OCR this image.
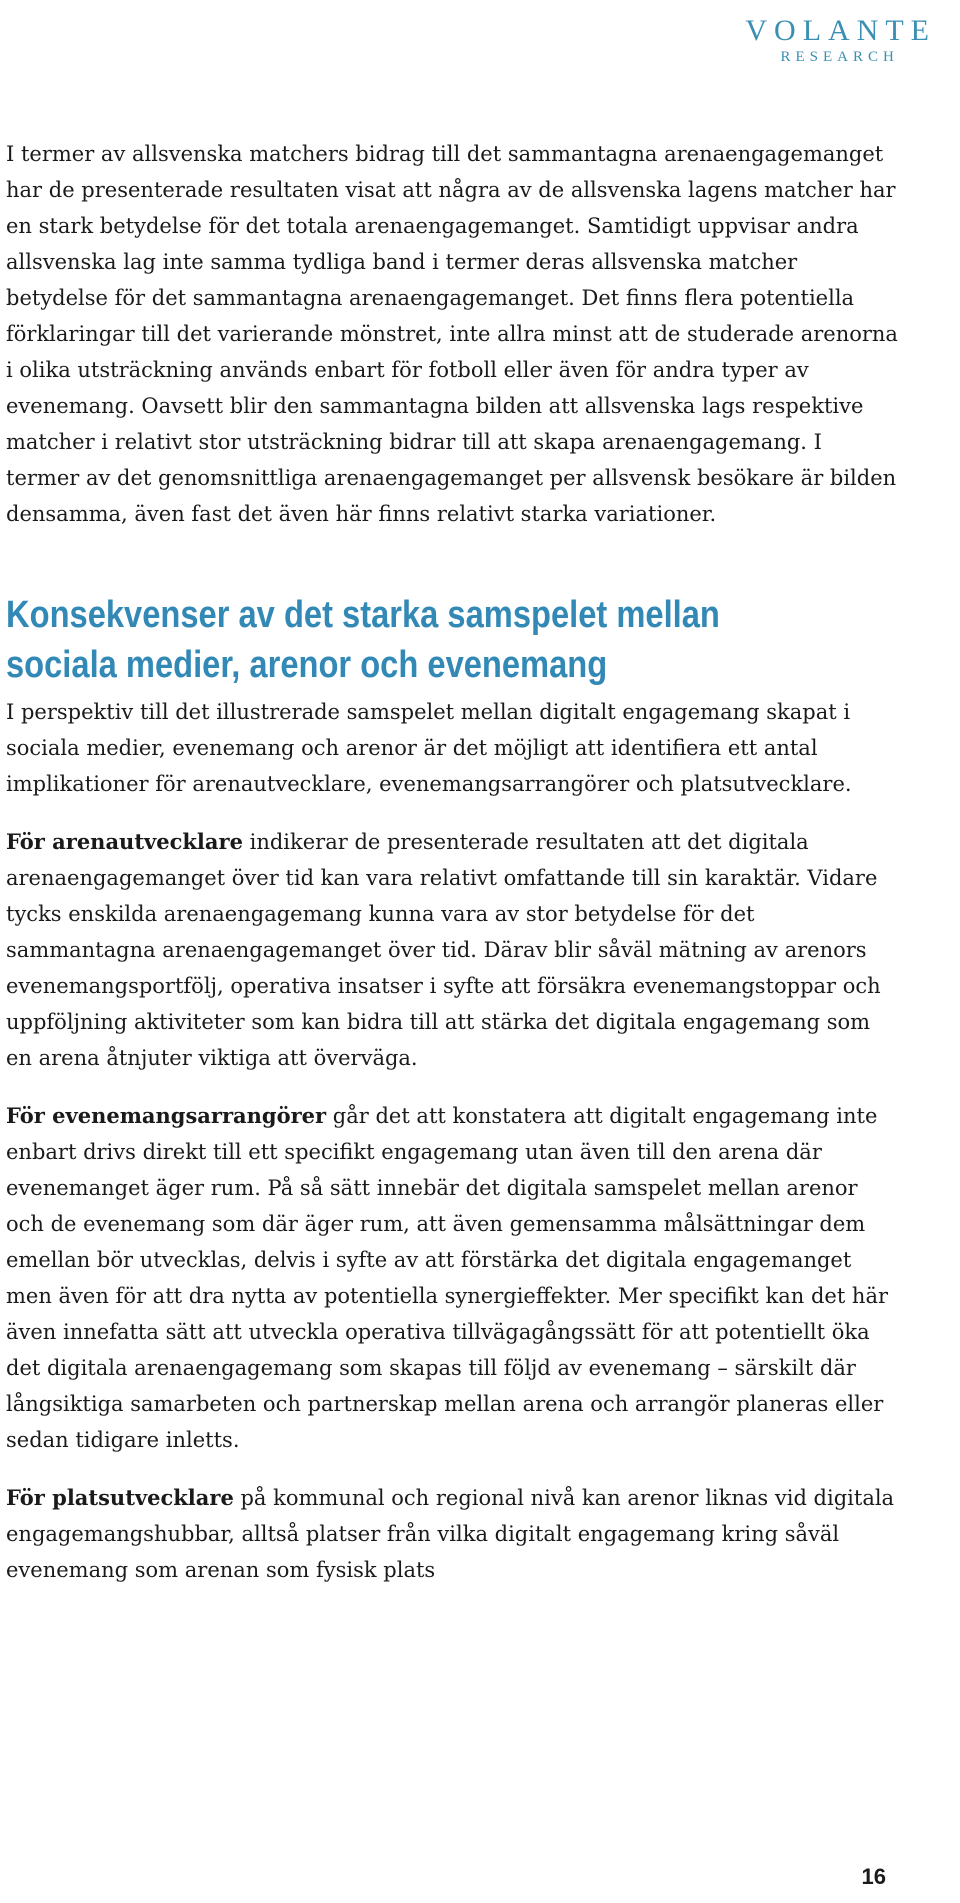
VOLANTE
RESEARCH

I termer av allsvenska matchers bidrag till det sammantagna arenaengagemanget har de presenterade resultaten visat att några av de allsvenska lagens matcher har en stark betydelse för det totala arenaengagemanget. Samtidigt uppvisar andra allsvenska lag inte samma tydliga band i termer deras allsvenska matcher betydelse för det sammantagna arenaengagemanget. Det finns flera potentiella förklaringar till det varierande mönstret, inte allra minst att de studerade arenorna i olika utsträckning används enbart för fotboll eller även för andra typer av evenemang. Oavsett blir den sammantagna bilden att allsvenska lags respektive matcher i relativt stor utsträckning bidrar till att skapa arenaengagemang. I termer av det genomsnittliga arenaengagemanget per allsvensk besökare är bilden densamma, även fast det även här finns relativt starka variationer.

Konsekvenser av det starka samspelet mellan sociala medier, arenor och evenemang

I perspektiv till det illustrerade samspelet mellan digitalt engagemang skapat i sociala medier, evenemang och arenor är det möjligt att identifiera ett antal implikationer för arenautvecklare, evenemangsarrangörer och platsutvecklare.

För arenautvecklare indikerar de presenterade resultaten att det digitala arenaengagemanget över tid kan vara relativt omfattande till sin karaktär. Vidare tycks enskilda arenaengagemang kunna vara av stor betydelse för det sammantagna arenaengagemanget över tid. Därav blir såväl mätning av arenors evenemangsportfölj, operativa insatser i syfte att försäkra evenemangstoppar och uppföljning aktiviteter som kan bidra till att stärka det digitala engagemang som en arena åtnjuter viktiga att överväga.

För evenemangsarrangörer går det att konstatera att digitalt engagemang inte enbart drivs direkt till ett specifikt engagemang utan även till den arena där evenemanget äger rum. På så sätt innebär det digitala samspelet mellan arenor och de evenemang som där äger rum, att även gemensamma målsättningar dem emellan bör utvecklas, delvis i syfte av att förstärka det digitala engagemanget men även för att dra nytta av potentiella synergieffekter. Mer specifikt kan det här även innefatta sätt att utveckla operativa tillvägagångssätt för att potentiellt öka det digitala arenaengagemang som skapas till följd av evenemang – särskilt där långsiktiga samarbeten och partnerskap mellan arena och arrangör planeras eller sedan tidigare inletts.

För platsutvecklare på kommunal och regional nivå kan arenor liknas vid digitala engagemangshubbar, alltså platser från vilka digitalt engagemang kring såväl evenemang som arenan som fysisk plats

16
